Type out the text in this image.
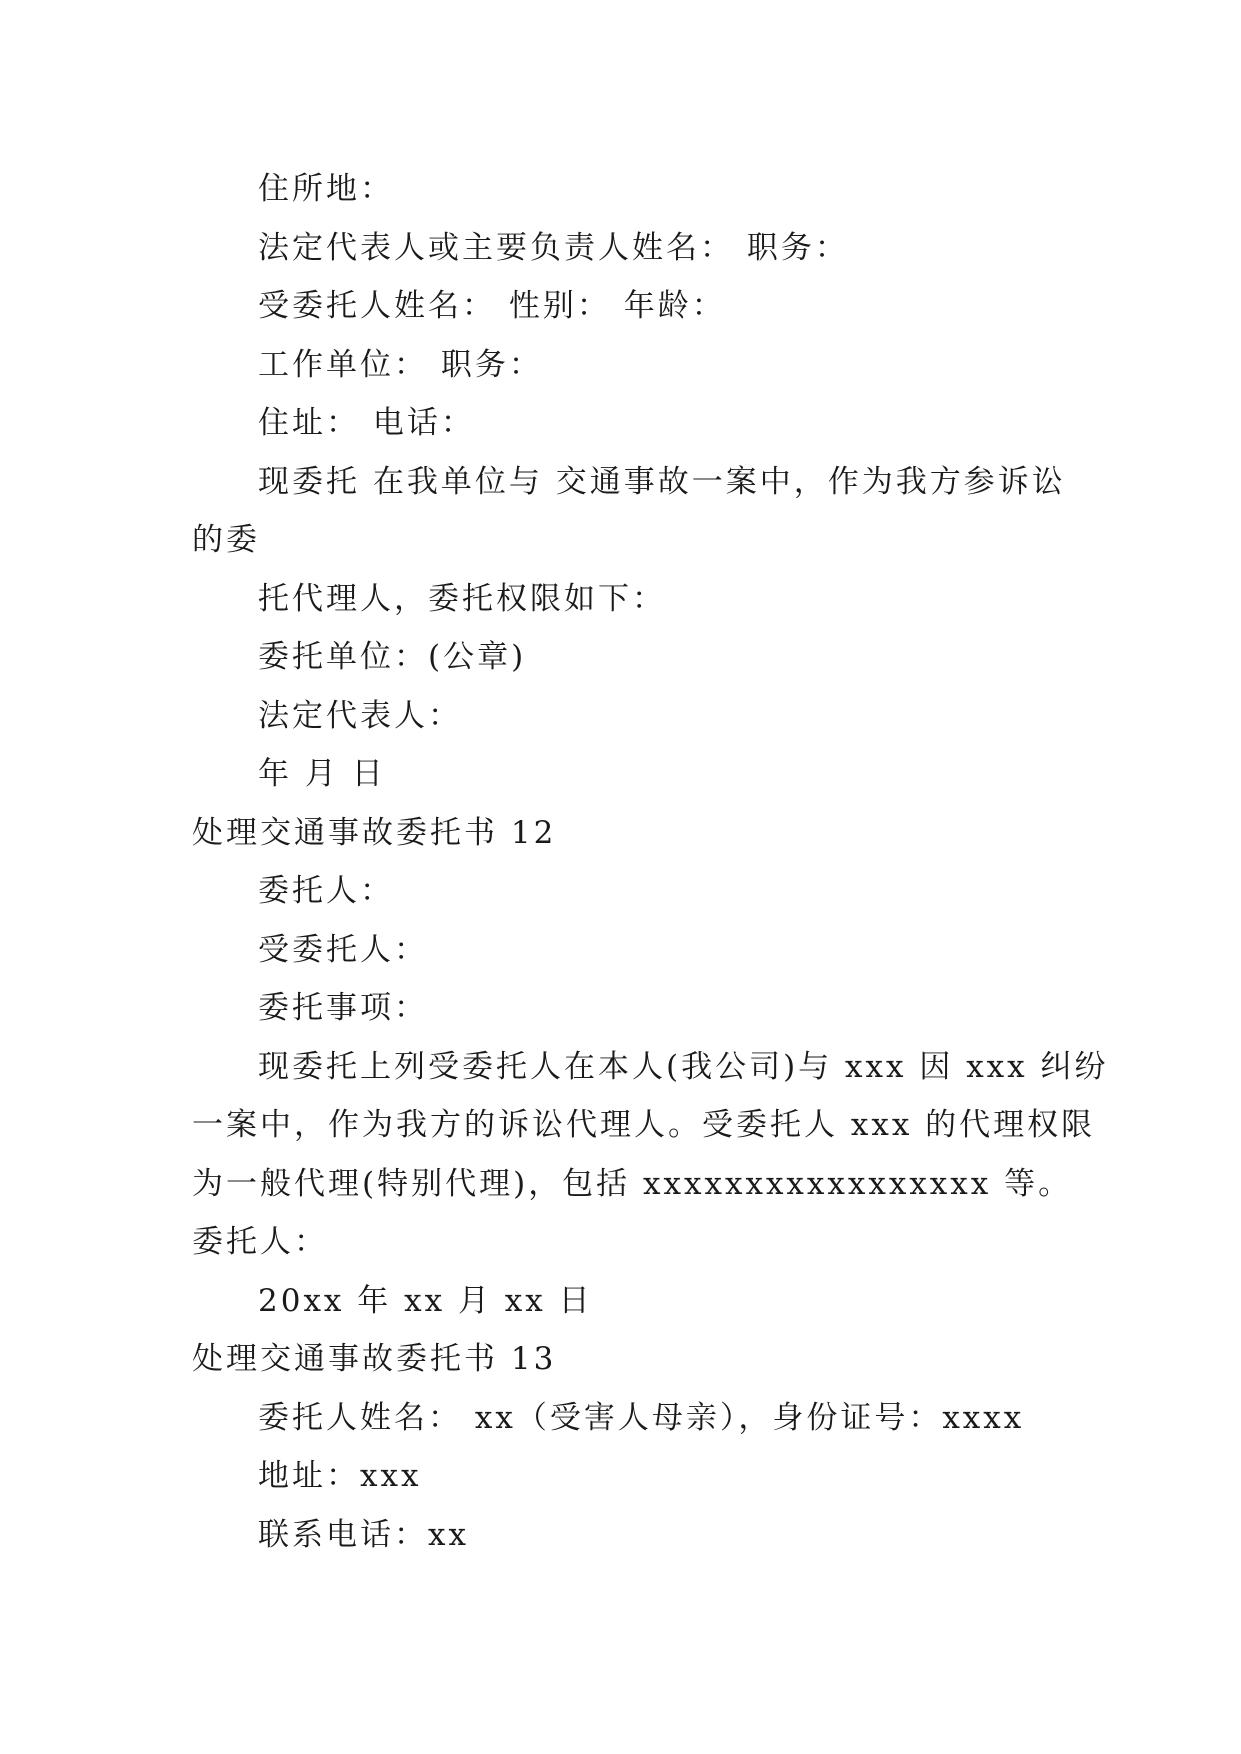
住所地：
法定代表人或主要负责人姓名： 职务：
受委托人姓名： 性别： 年龄：
工作单位： 职务：
住址： 电话：
现委托 在我单位与 交通事故一案中，作为我方参诉讼
的委
托代理人，委托权限如下：
委托单位：(公章)
法定代表人：
年 月 日
处理交通事故委托书 12
委托人：
受委托人：
委托事项：
现委托上列受委托人在本人(我公司)与 xxx 因 xxx 纠纷
一案中，作为我方的诉讼代理人。受委托人 xxx 的代理权限
为一般代理(特别代理)，包括 xxxxxxxxxxxxxxxxx 等。
委托人：
20xx 年 xx 月 xx 日
处理交通事故委托书 13
委托人姓名： xx（受害人母亲），身份证号：xxxx
地址：xxx
联系电话：xx
